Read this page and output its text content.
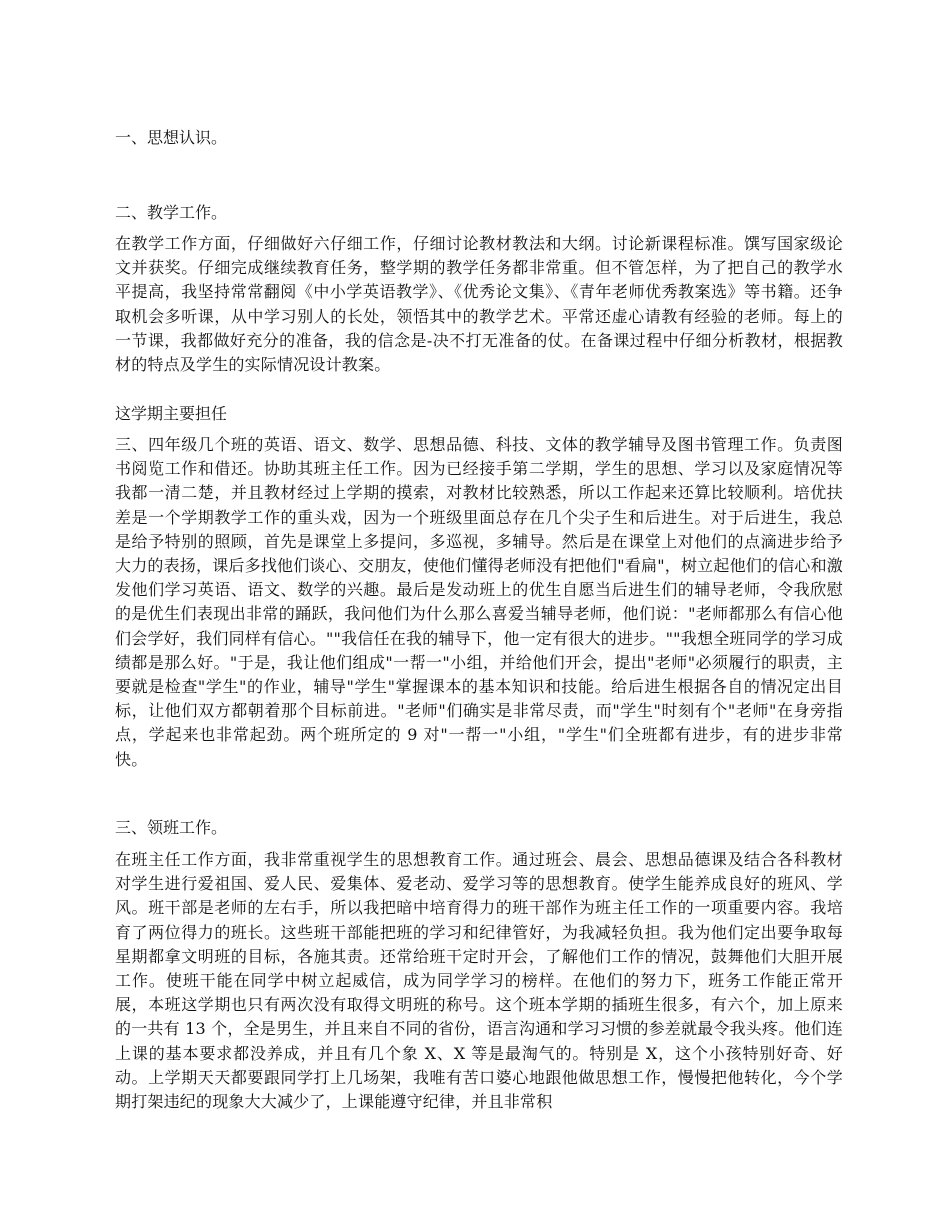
一、思想认识。
二、教学工作。
在教学工作方面，仔细做好六仔细工作，仔细讨论教材教法和大纲。讨论新课程标准。馔写国家级论文并获奖。仔细完成继续教育任务，整学期的教学任务都非常重。但不管怎样，为了把自己的教学水平提高，我坚持常常翻阅《中小学英语教学》、《优秀论文集》、《青年老师优秀教案选》等书籍。还争取机会多听课，从中学习别人的长处，领悟其中的教学艺术。平常还虚心请教有经验的老师。每上的一节课，我都做好充分的准备，我的信念是-决不打无准备的仗。在备课过程中仔细分析教材，根据教材的特点及学生的实际情况设计教案。
这学期主要担任
三、四年级几个班的英语、语文、数学、思想品德、科技、文体的教学辅导及图书管理工作。负责图书阅览工作和借还。协助其班主任工作。因为已经接手第二学期，学生的思想、学习以及家庭情况等我都一清二楚，并且教材经过上学期的摸索，对教材比较熟悉，所以工作起来还算比较顺利。培优扶差是一个学期教学工作的重头戏，因为一个班级里面总存在几个尖子生和后进生。对于后进生，我总是给予特别的照顾，首先是课堂上多提问，多巡视，多辅导。然后是在课堂上对他们的点滴进步给予大力的表扬，课后多找他们谈心、交朋友，使他们懂得老师没有把他们"看扁"，树立起他们的信心和激发他们学习英语、语文、数学的兴趣。最后是发动班上的优生自愿当后进生们的辅导老师，令我欣慰的是优生们表现出非常的踊跃，我问他们为什么那么喜爱当辅导老师，他们说："老师都那么有信心他们会学好，我们同样有信心。""我信任在我的辅导下，他一定有很大的进步。""我想全班同学的学习成绩都是那么好。"于是，我让他们组成"一帮一"小组，并给他们开会，提出"老师"必须履行的职责，主要就是检查"学生"的作业，辅导"学生"掌握课本的基本知识和技能。给后进生根据各自的情况定出目标，让他们双方都朝着那个目标前进。"老师"们确实是非常尽责，而"学生"时刻有个"老师"在身旁指点，学起来也非常起劲。两个班所定的 9 对"一帮一"小组，"学生"们全班都有进步，有的进步非常快。
三、领班工作。
在班主任工作方面，我非常重视学生的思想教育工作。通过班会、晨会、思想品德课及结合各科教材对学生进行爱祖国、爱人民、爱集体、爱老动、爱学习等的思想教育。使学生能养成良好的班风、学风。班干部是老师的左右手，所以我把暗中培育得力的班干部作为班主任工作的一项重要内容。我培育了两位得力的班长。这些班干部能把班的学习和纪律管好，为我减轻负担。我为他们定出要争取每星期都拿文明班的目标，各施其责。还常给班干定时开会，了解他们工作的情况，鼓舞他们大胆开展工作。使班干能在同学中树立起威信，成为同学学习的榜样。在他们的努力下，班务工作能正常开展，本班这学期也只有两次没有取得文明班的称号。这个班本学期的插班生很多，有六个，加上原来的一共有 13 个，全是男生，并且来自不同的省份，语言沟通和学习习惯的参差就最令我头疼。他们连上课的基本要求都没养成，并且有几个象 X、X 等是最淘气的。特别是 X，这个小孩特别好奇、好动。上学期天天都要跟同学打上几场架，我唯有苦口婆心地跟他做思想工作，慢慢把他转化，今个学期打架违纪的现象大大减少了，上课能遵守纪律，并且非常积
